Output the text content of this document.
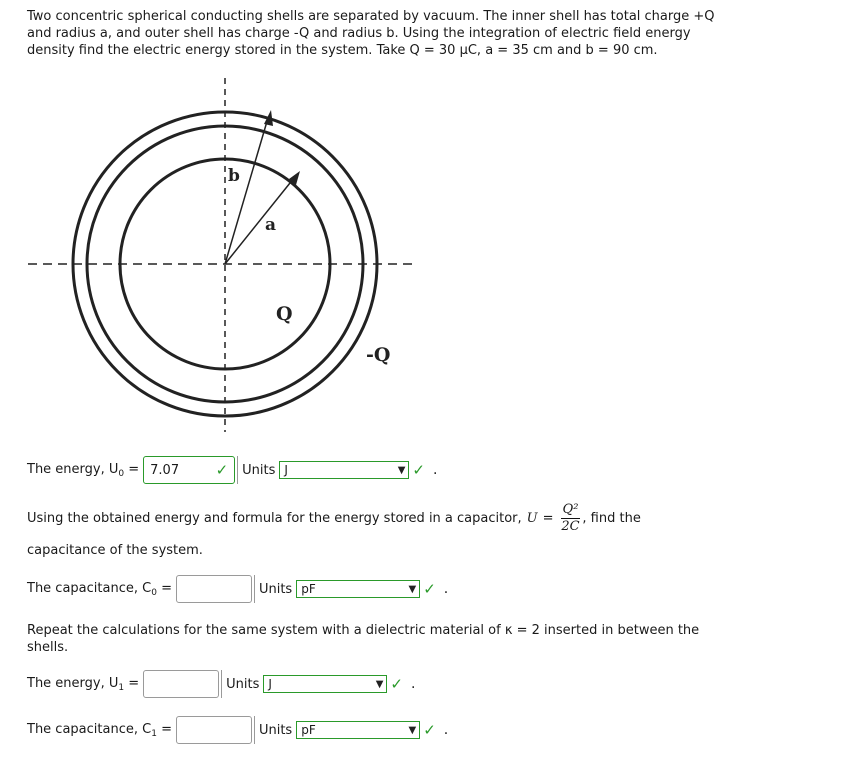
Two concentric spherical conducting shells are separated by vacuum. The inner shell has total charge +Q
and radius a, and outer shell has charge -Q and radius b. Using the integration of electric field energy
density find the electric energy stored in the system. Take Q = 30 μC, a = 35 cm and b = 90 cm.
b
a
Q
-Q
The energy, $U_0 = 7.07$ ✓ Units J	▼ ✓ .
Using the obtained energy and formula for the energy stored in a capacitor, $U = \frac{\text{Q²}}{2C}$ , find the
capacitance of the system.
The capacitance, $C_0$ =	Units pF	▼ ✓ .
Repeat the calculations for the same system with a dielectric material of κ = 2 inserted in between the
shells.
The energy, $U_1$ =	Units J	▼ ✓ .
The capacitance, $C_1$ =	Units pF	▼ ✓ .
